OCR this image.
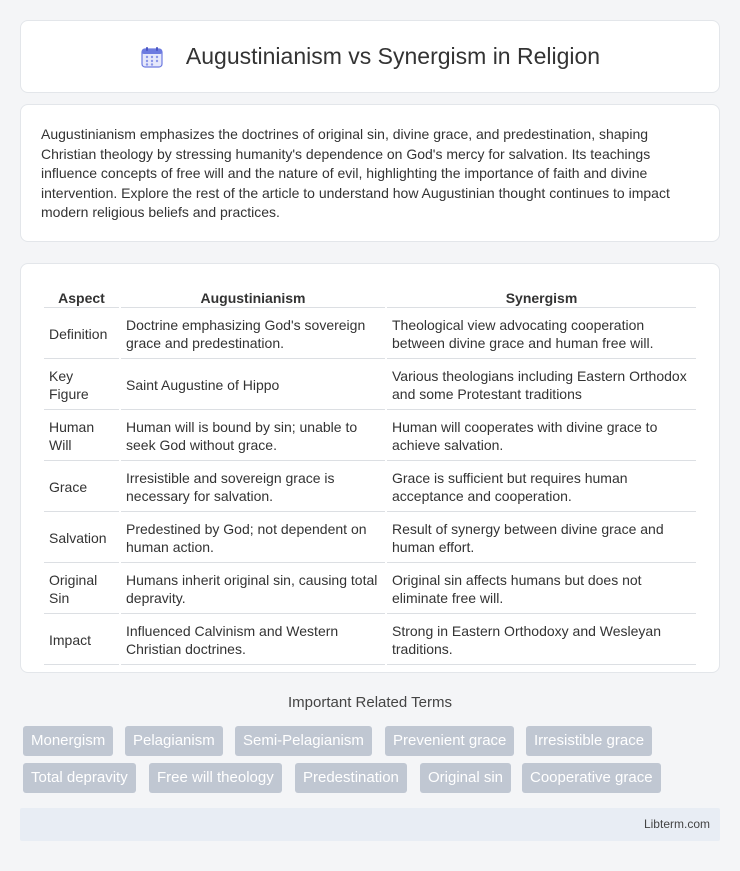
Augustinianism vs Synergism in Religion

Augustinianism emphasizes the doctrines of original sin, divine grace, and predestination, shaping Christian theology by stressing humanity's dependence on God's mercy for salvation. Its teachings influence concepts of free will and the nature of evil, highlighting the importance of faith and divine intervention. Explore the rest of the article to understand how Augustinian thought continues to impact modern religious beliefs and practices.

Aspect	Augustinianism	Synergism
Definition	Doctrine emphasizing God's sovereign grace and predestination.	Theological view advocating cooperation between divine grace and human free will.
Key Figure	Saint Augustine of Hippo	Various theologians including Eastern Orthodox and some Protestant traditions
Human Will	Human will is bound by sin; unable to seek God without grace.	Human will cooperates with divine grace to achieve salvation.
Grace	Irresistible and sovereign grace is necessary for salvation.	Grace is sufficient but requires human acceptance and cooperation.
Salvation	Predestined by God; not dependent on human action.	Result of synergy between divine grace and human effort.
Original Sin	Humans inherit original sin, causing total depravity.	Original sin affects humans but does not eliminate free will.
Impact	Influenced Calvinism and Western Christian doctrines.	Strong in Eastern Orthodoxy and Wesleyan traditions.
Important Related Terms
Monergism	Pelagianism	Semi-Pelagianism	Prevenient grace	Irresistible grace
Total depravity	Free will theology	Predestination	Original sin	Cooperative grace
Libterm.com
